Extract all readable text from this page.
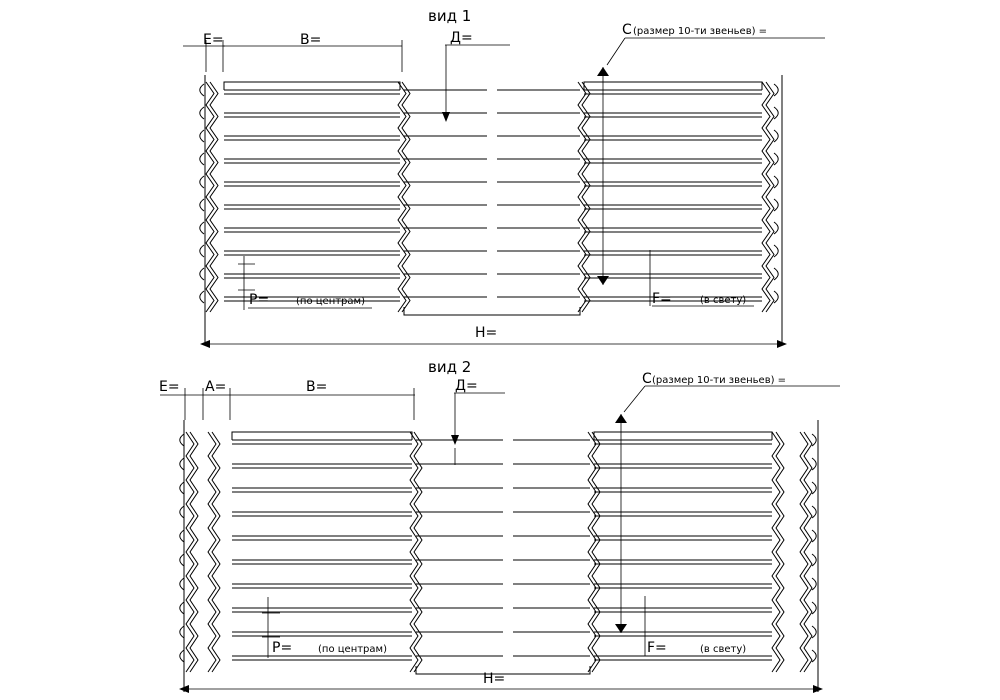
вид 1
E=	B=	Д=	С (размер 10-ти звеньев) =
P=	(по центрам)	F=	(в свету)
H=
вид 2
E= A=	B=	Д=	С (размер 10-ти звеньев) =
P=	(по центрам)	F=	(в свету)
H=
